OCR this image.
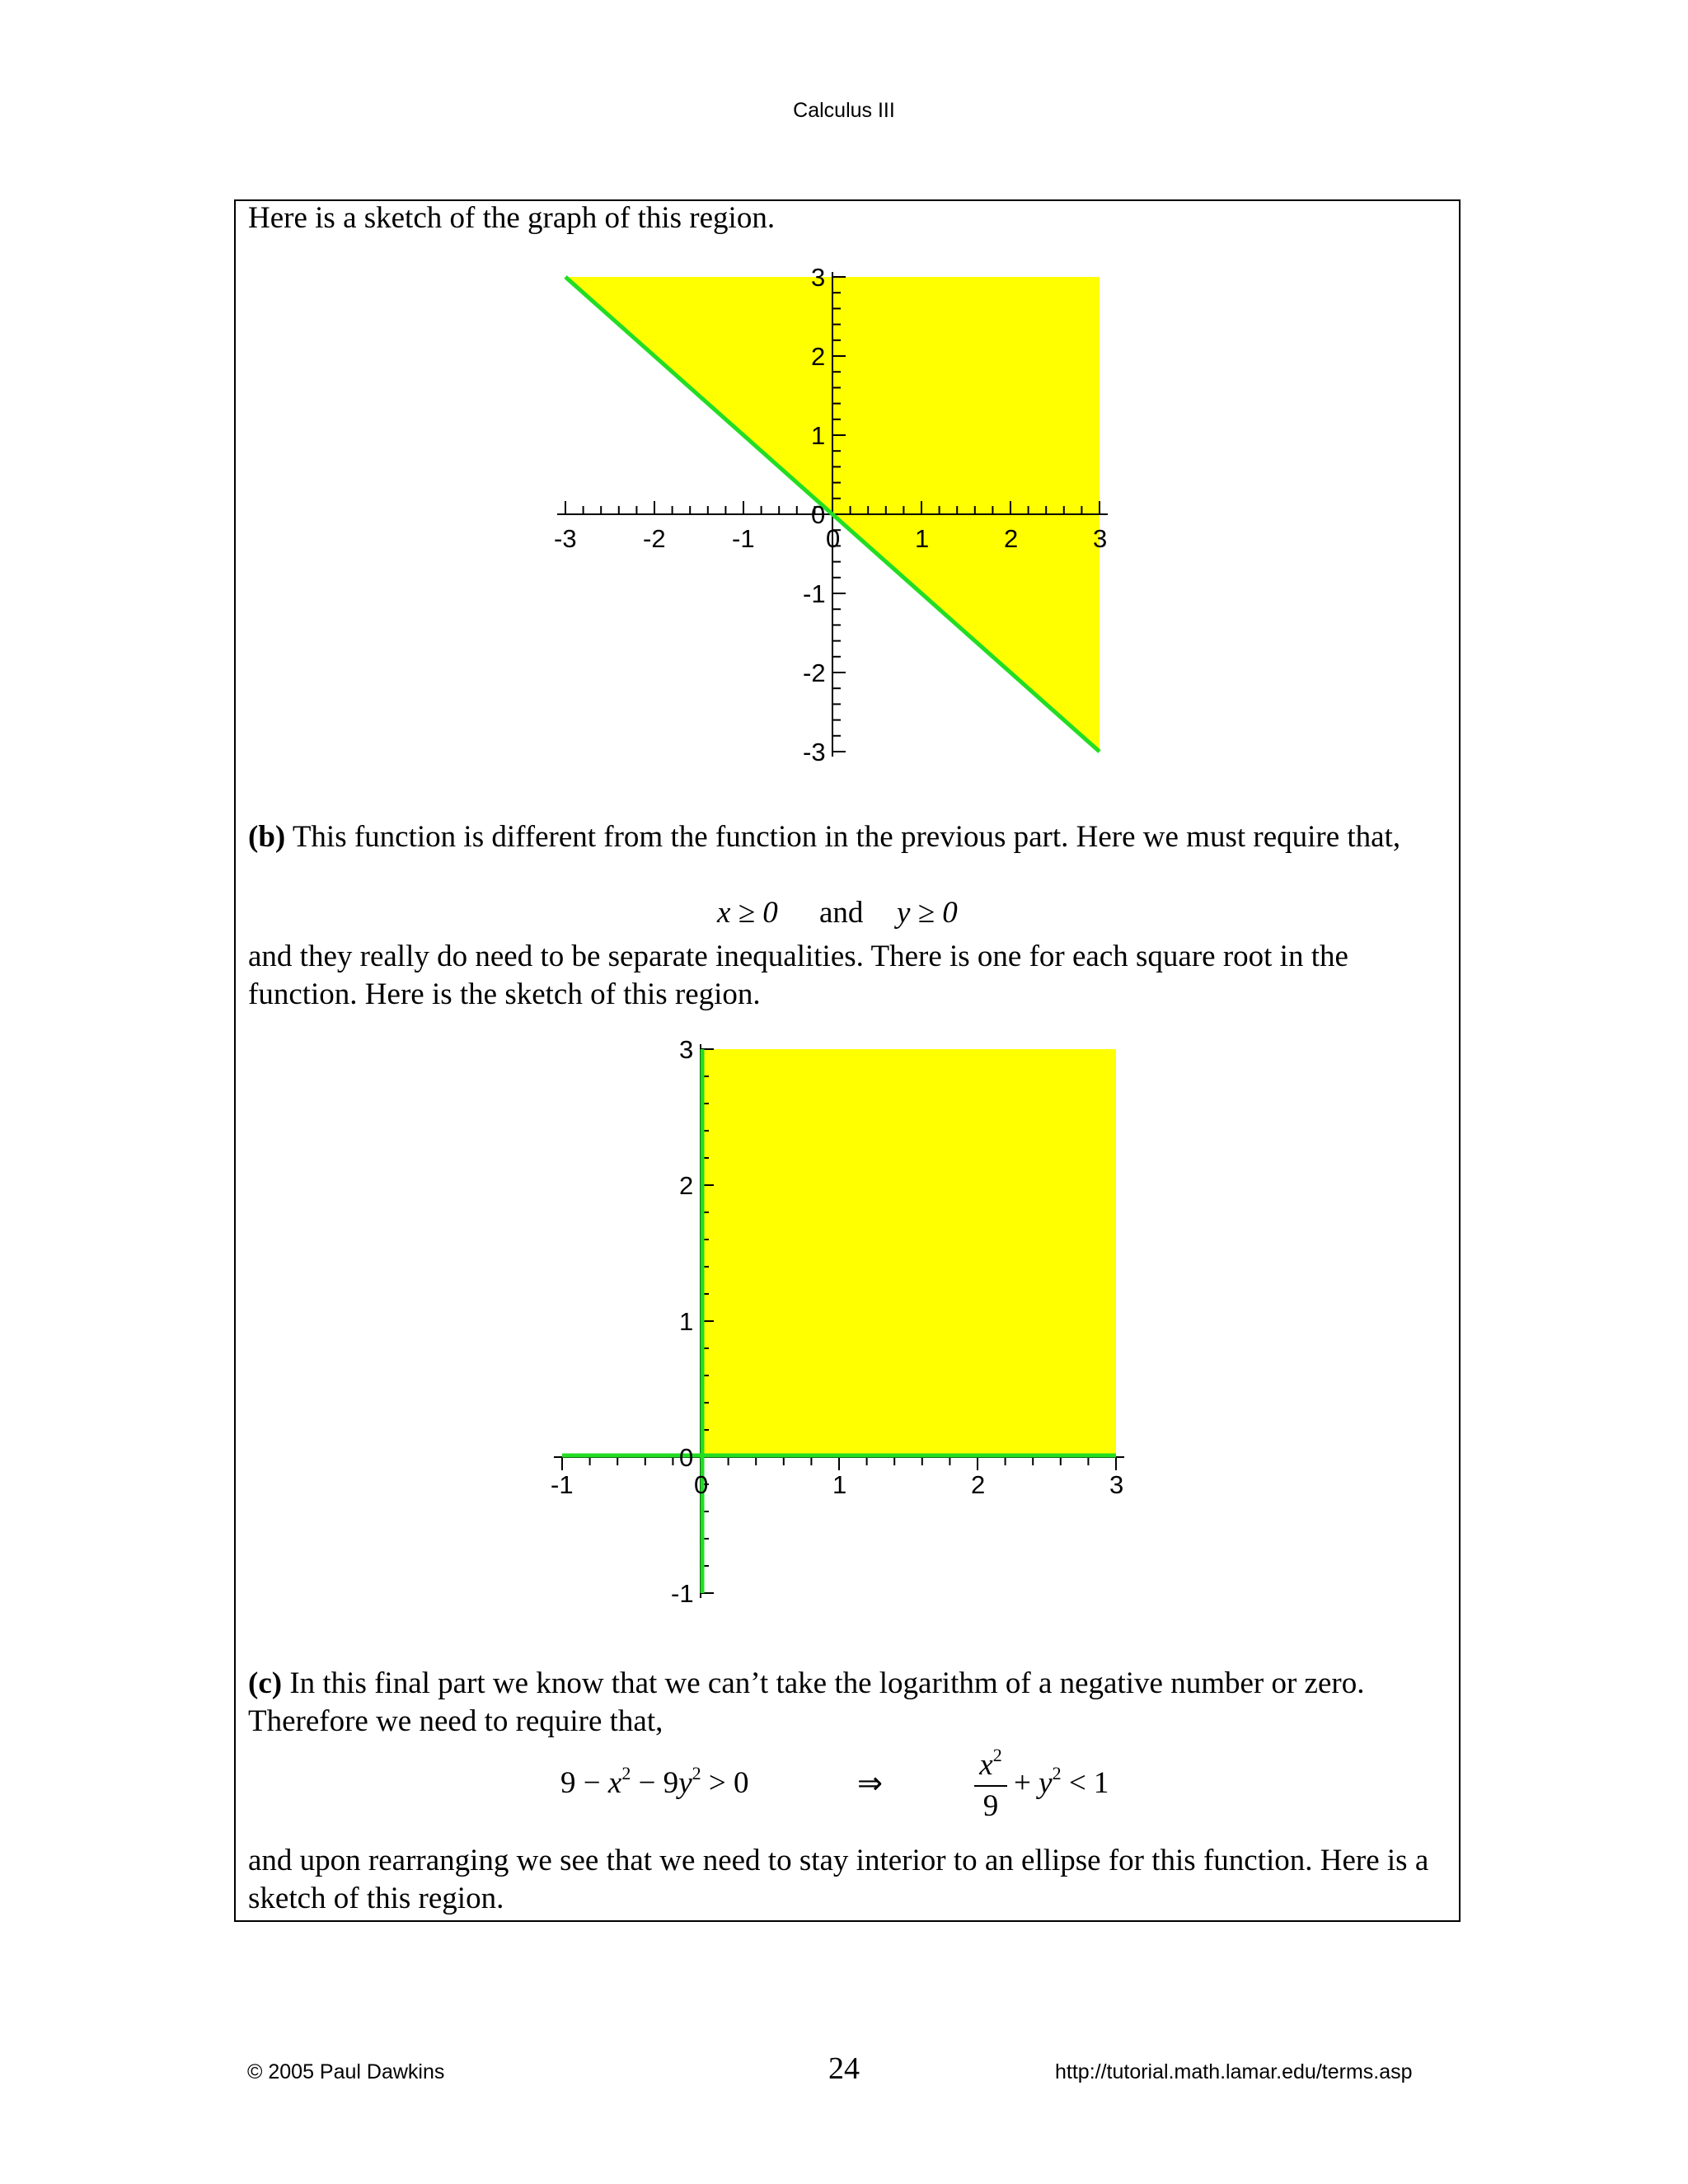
Calculus III
Here is a sketch of the graph of this region.
-3	-2	-1	0	1	2	3
-3
-2
-1
0
1
2
3
(b) This function is different from the function in the previous part. Here we must require that,
x ≥ 0 and y ≥ 0
and they really do need to be separate inequalities. There is one for each square root in the function. Here is the sketch of this region.
-1	0	1	2	3
-1
0
1
2
3
(c) In this final part we know that we can’t take the logarithm of a negative number or zero. Therefore we need to require that,
$9 - x^2 - 9y^2 > 0$	⇒
$x^2$
9
+ $y^2 < 1$
and upon rearranging we see that we need to stay interior to an ellipse for this function. Here is a sketch of this region.
© 2005 Paul Dawkins	24	http://tutorial.math.lamar.edu/terms.asp
